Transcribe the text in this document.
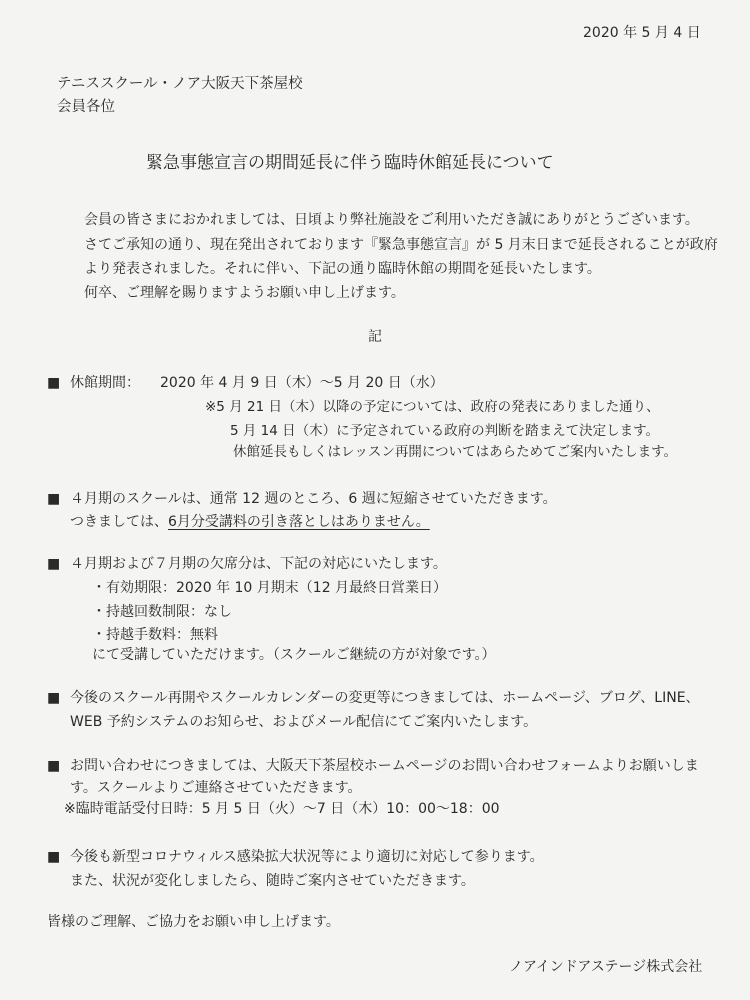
2020 年 5 月 4 日
テニススクール・ノア大阪天下茶屋校
会員各位
緊急事態宣言の期間延長に伴う臨時休館延長について
会員の皆さまにおかれましては、日頃より弊社施設をご利用いただき誠にありがとうございます。
さてご承知の通り、現在発出されております『緊急事態宣言』が 5 月末日まで延長されることが政府
より発表されました。それに伴い、下記の通り臨時休館の期間を延長いたします。
何卒、ご理解を賜りますようお願い申し上げます。
記
■ 休館期間： 2020 年 4 月 9 日（木）～5 月 20 日（水）
※5 月 21 日（木）以降の予定については、政府の発表にありました通り、
5 月 14 日（木）に予定されている政府の判断を踏まえて決定します。
休館延長もしくはレッスン再開についてはあらためてご案内いたします。
■ ４月期のスクールは、通常 12 週のところ、6 週に短縮させていただきます。
つきましては、6月分受講料の引き落としはありません。
■ ４月期および７月期の欠席分は、下記の対応にいたします。
・有効期限：2020 年 10 月期末（12 月最終日営業日）
・持越回数制限：なし
・持越手数料：無料
にて受講していただけます。（スクールご継続の方が対象です。）
■ 今後のスクール再開やスクールカレンダーの変更等につきましては、ホームページ、ブログ、LINE、
WEB 予約システムのお知らせ、およびメール配信にてご案内いたします。
■ お問い合わせにつきましては、大阪天下茶屋校ホームページのお問い合わせフォームよりお願いしま
す。スクールよりご連絡させていただきます。
※臨時電話受付日時：5 月 5 日（火）～7 日（木）10：00～18：00
■ 今後も新型コロナウィルス感染拡大状況等により適切に対応して参ります。
また、状況が変化しましたら、随時ご案内させていただきます。
皆様のご理解、ご協力をお願い申し上げます。
ノアインドアステージ株式会社
